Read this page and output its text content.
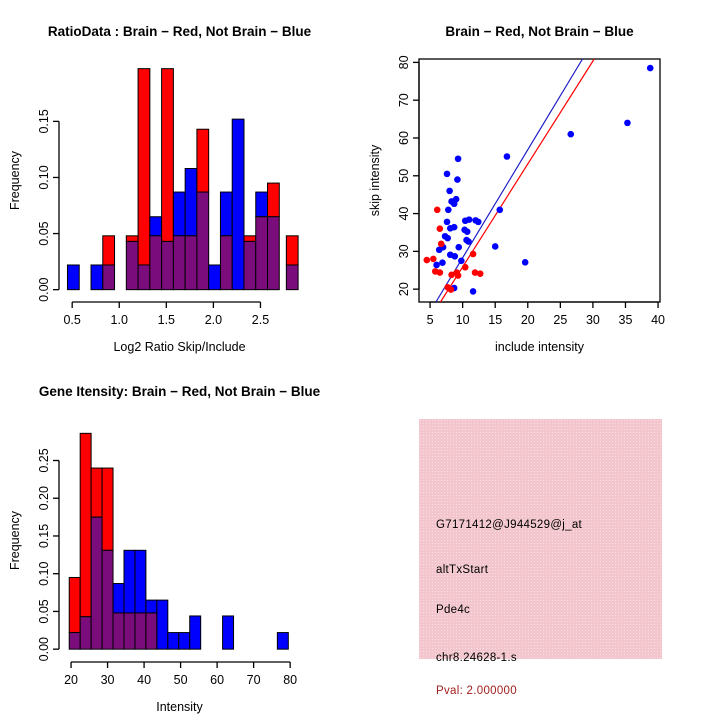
RatioData : Brain − Red, Not Brain − Blue
Log2 Ratio Skip/Include
Frequency
0.5 1.0 1.5 2.0 2.5
0.00
0.05
0.10
0.15
Brain − Red, Not Brain − Blue
include intensity
skip intensity
5 10 15 20 25 30 35 40
20
30
40
50
60
70
80
Gene Itensity: Brain − Red, Not Brain − Blue
Intensity
Frequency
20 30 40 50 60 70 80
0.00
0.05
0.10
0.15
0.20
0.25
G7171412@J944529@j_at
altTxStart
Pde4c
chr8.24628-1.s
Pval: 2.000000
